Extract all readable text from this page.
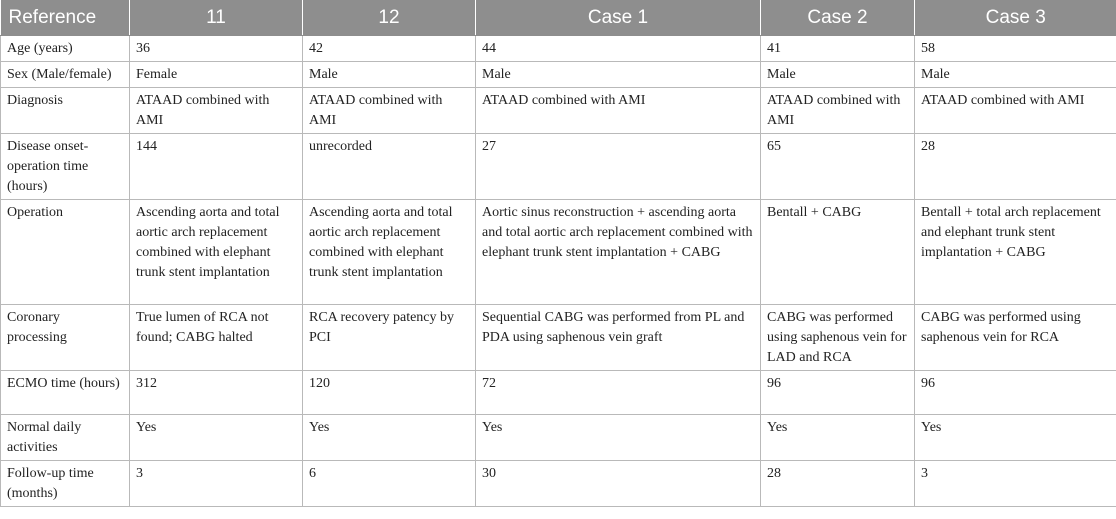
Reference	11	12	Case 1	Case 2	Case 3
Age (years)	36	42	44	41	58
Sex (Male/female)	Female	Male	Male	Male	Male
Diagnosis	ATAAD combined with AMI	ATAAD combined with AMI	ATAAD combined with AMI	ATAAD combined with AMI	ATAAD combined with AMI
Disease onset-operation time (hours)	144	unrecorded	27	65	28
Operation	Ascending aorta and total aortic arch replacement combined with elephant trunk stent implantation	Ascending aorta and total aortic arch replacement combined with elephant trunk stent implantation	Aortic sinus reconstruction + ascending aorta and total aortic arch replacement combined with elephant trunk stent implantation + CABG	Bentall + CABG	Bentall + total arch replacement and elephant trunk stent implantation + CABG
Coronary processing	True lumen of RCA not found; CABG halted	RCA recovery patency by PCI	Sequential CABG was performed from PL and PDA using saphenous vein graft	CABG was performed using saphenous vein for LAD and RCA	CABG was performed using saphenous vein for RCA
ECMO time (hours)	312	120	72	96	96
Normal daily activities	Yes	Yes	Yes	Yes	Yes
Follow-up time (months)	3	6	30	28	3
